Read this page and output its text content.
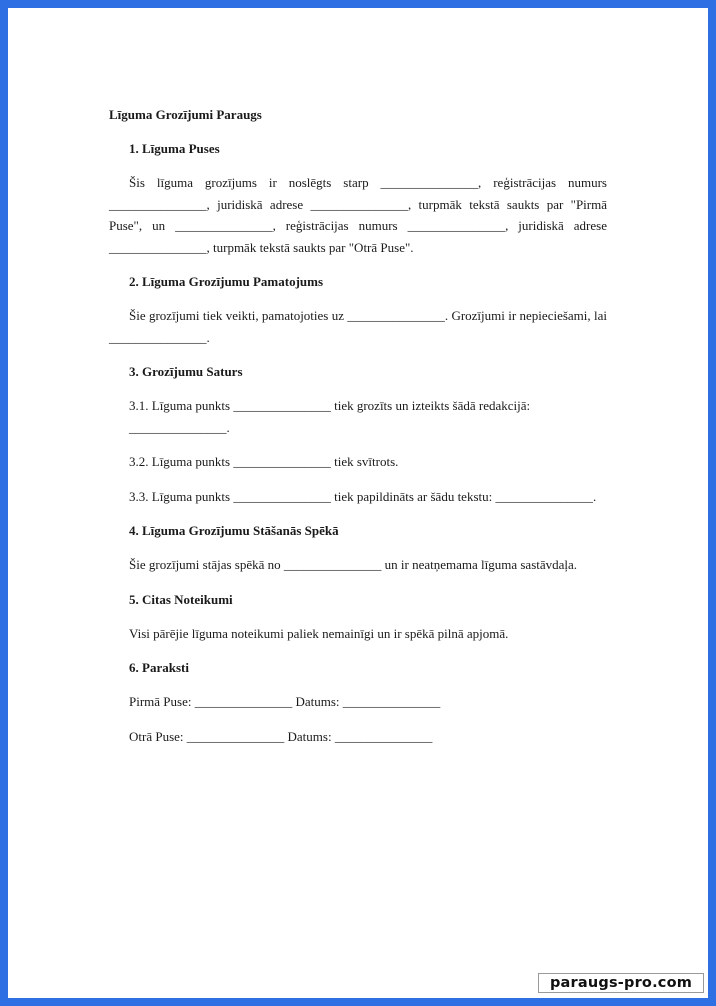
Līguma Grozījumi Paraugs
1. Līguma Puses
Šis līguma grozījums ir noslēgts starp _______________, reģistrācijas numurs _______________, juridiskā adrese _______________, turpmāk tekstā saukts par "Pirmā Puse", un _______________, reģistrācijas numurs _______________, juridiskā adrese _______________, turpmāk tekstā saukts par "Otrā Puse".
2. Līguma Grozījumu Pamatojums
Šie grozījumi tiek veikti, pamatojoties uz _______________. Grozījumi ir nepieciešami, lai _______________.
3. Grozījumu Saturs
3.1. Līguma punkts _______________ tiek grozīts un izteikts šādā redakcijā: _______________.
3.2. Līguma punkts _______________ tiek svītrots.
3.3. Līguma punkts _______________ tiek papildināts ar šādu tekstu: _______________.
4. Līguma Grozījumu Stāšanās Spēkā
Šie grozījumi stājas spēkā no _______________ un ir neatņemama līguma sastāvdaļa.
5. Citas Noteikumi
Visi pārējie līguma noteikumi paliek nemainīgi un ir spēkā pilnā apjomā.
6. Paraksti
Pirmā Puse: _______________ Datums: _______________
Otrā Puse: _______________ Datums: _______________
paraugs-pro.com
